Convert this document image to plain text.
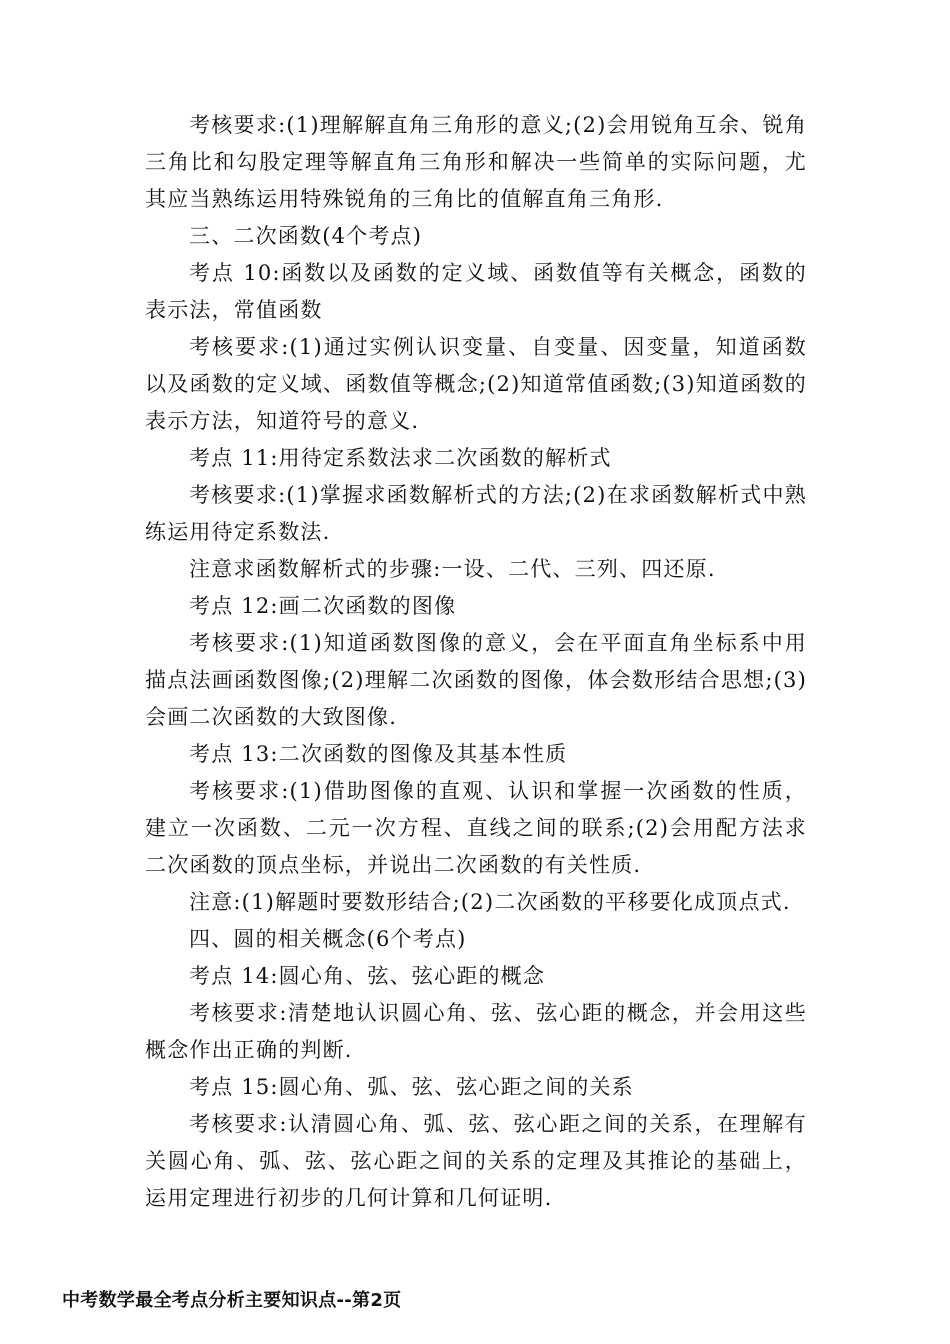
考核要求:(1)理解解直角三角形的意义;(2)会用锐角互余、锐角三角比和勾股定理等解直角三角形和解决一些简单的实际问题，尤其应当熟练运用特殊锐角的三角比的值解直角三角形.

三、二次函数(4个考点)

考点 10:函数以及函数的定义域、函数值等有关概念，函数的表示法，常值函数

考核要求:(1)通过实例认识变量、自变量、因变量，知道函数以及函数的定义域、函数值等概念;(2)知道常值函数;(3)知道函数的表示方法，知道符号的意义.

考点 11:用待定系数法求二次函数的解析式

考核要求:(1)掌握求函数解析式的方法;(2)在求函数解析式中熟练运用待定系数法.

注意求函数解析式的步骤:一设、二代、三列、四还原.

考点 12:画二次函数的图像

考核要求:(1)知道函数图像的意义，会在平面直角坐标系中用描点法画函数图像;(2)理解二次函数的图像，体会数形结合思想;(3)会画二次函数的大致图像.

考点 13:二次函数的图像及其基本性质

考核要求:(1)借助图像的直观、认识和掌握一次函数的性质，建立一次函数、二元一次方程、直线之间的联系;(2)会用配方法求二次函数的顶点坐标，并说出二次函数的有关性质.

注意:(1)解题时要数形结合;(2)二次函数的平移要化成顶点式.

四、圆的相关概念(6个考点)

考点 14:圆心角、弦、弦心距的概念

考核要求:清楚地认识圆心角、弦、弦心距的概念，并会用这些概念作出正确的判断.

考点 15:圆心角、弧、弦、弦心距之间的关系

考核要求:认清圆心角、弧、弦、弦心距之间的关系，在理解有关圆心角、弧、弦、弦心距之间的关系的定理及其推论的基础上，运用定理进行初步的几何计算和几何证明.

中考数学最全考点分析主要知识点--第2页
